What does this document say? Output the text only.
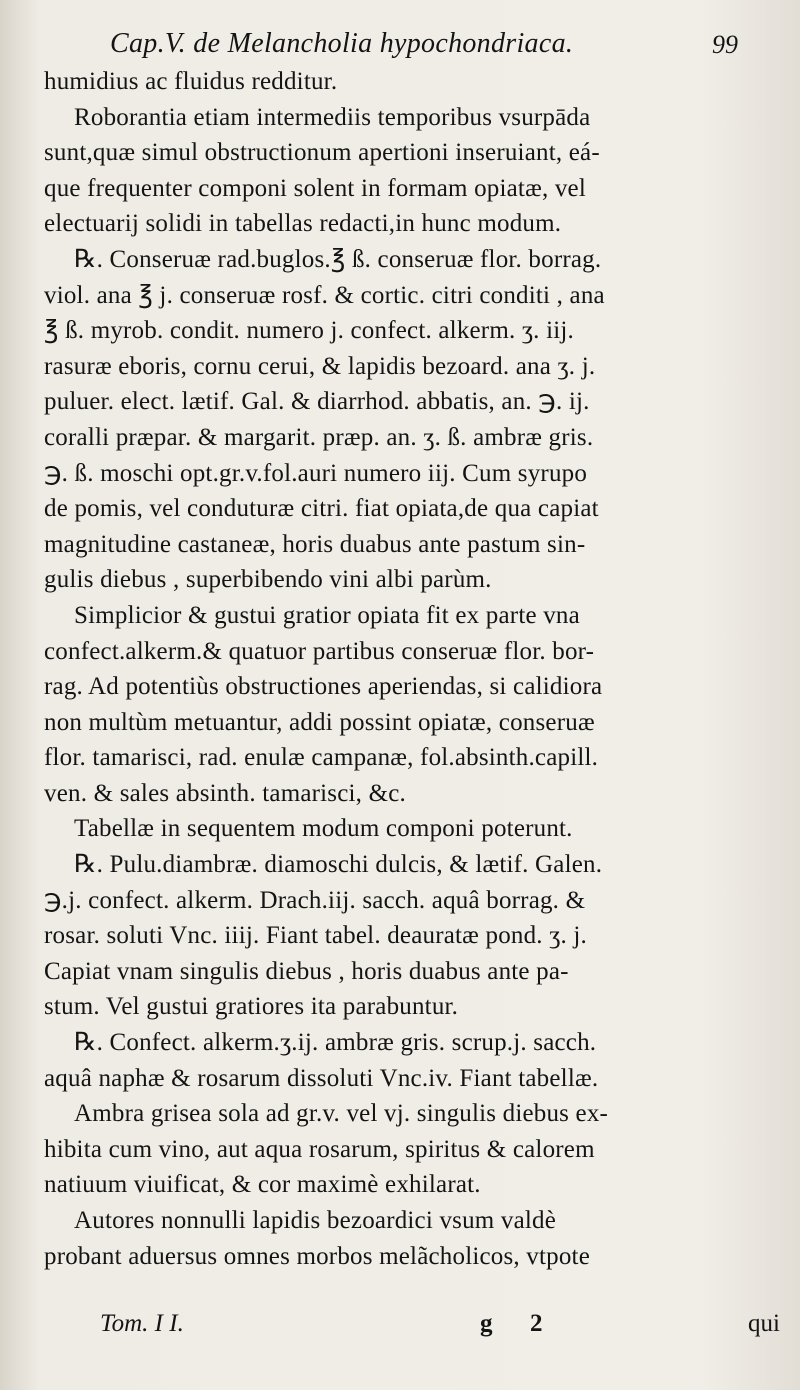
Cap.V. de Melancholia hypochondriaca.	99
humidius ac fluidus redditur.
Roborantia etiam intermediis temporibus vsurpāda
sunt,quæ simul obstructionum apertioni inseruiant, eá-
que frequenter componi solent in formam opiatæ, vel
electuarij solidi in tabellas redacti,in hunc modum.
℞. Conseruæ rad.buglos.℥ ß. conseruæ flor. borrag.
viol. ana ℥ j. conseruæ rosf. & cortic. citri conditi , ana
℥ ß. myrob. condit. numero j. confect. alkerm. ʒ. iij.
rasuræ eboris, cornu cerui, & lapidis bezoard. ana ʒ. j.
puluer. elect. lætif. Gal. & diarrhod. abbatis, an. ℈. ij.
coralli præpar. & margarit. præp. an. ʒ. ß. ambræ gris.
℈. ß. moschi opt.gr.v.fol.auri numero iij. Cum syrupo
de pomis, vel conduturæ citri. fiat opiata,de qua capiat
magnitudine castaneæ, horis duabus ante pastum sin-
gulis diebus , superbibendo vini albi parùm.
Simplicior & gustui gratior opiata fit ex parte vna
confect.alkerm.& quatuor partibus conseruæ flor. bor-
rag. Ad potentiùs obstructiones aperiendas, si calidiora
non multùm metuantur, addi possint opiatæ, conseruæ
flor. tamarisci, rad. enulæ campanæ, fol.absinth.capill.
ven. & sales absinth. tamarisci, &c.
Tabellæ in sequentem modum componi poterunt.
℞. Pulu.diambræ. diamoschi dulcis, & lætif. Galen.
℈.j. confect. alkerm. Drach.iij. sacch. aquâ borrag. &
rosar. soluti Vnc. iiij. Fiant tabel. deauratæ pond. ʒ. j.
Capiat vnam singulis diebus , horis duabus ante pa-
stum. Vel gustui gratiores ita parabuntur.
℞. Confect. alkerm.ʒ.ij. ambræ gris. scrup.j. sacch.
aquâ naphæ & rosarum dissoluti Vnc.iv. Fiant tabellæ.
Ambra grisea sola ad gr.v. vel vj. singulis diebus ex-
hibita cum vino, aut aqua rosarum, spiritus & calorem
natiuum viuificat, & cor maximè exhilarat.
Autores nonnulli lapidis bezoardici vsum valdè
probant aduersus omnes morbos melãcholicos, vtpote
Tom. I I.	g 2	qui
